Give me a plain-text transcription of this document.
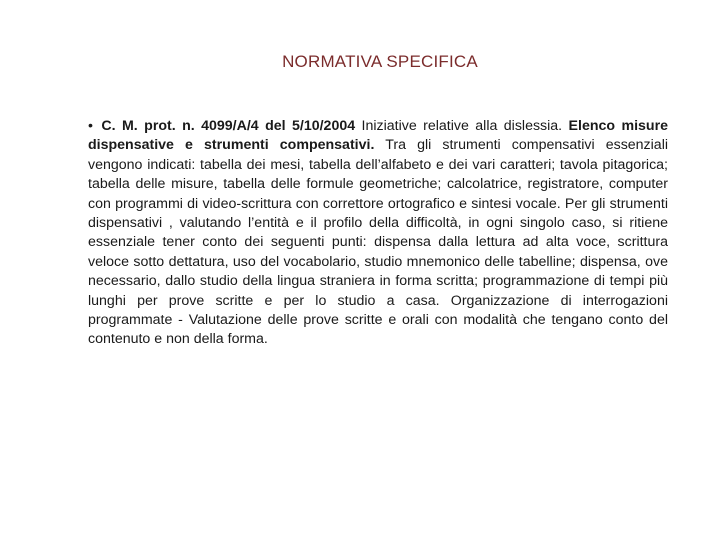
NORMATIVA SPECIFICA
• C. M. prot. n. 4099/A/4 del 5/10/2004 Iniziative relative alla dislessia. Elenco misure dispensative e strumenti compensativi. Tra gli strumenti compensativi essenziali vengono indicati: tabella dei mesi, tabella dell’alfabeto e dei vari caratteri; tavola pitagorica; tabella delle misure, tabella delle formule geometriche; calcolatrice, registratore, computer con programmi di video-scrittura con correttore ortografico e sintesi vocale. Per gli strumenti dispensativi , valutando l’entità e il profilo della difficoltà, in ogni singolo caso, si ritiene essenziale tener conto dei seguenti punti: dispensa dalla lettura ad alta voce, scrittura veloce sotto dettatura, uso del vocabolario, studio mnemonico delle tabelline; dispensa, ove necessario, dallo studio della lingua straniera in forma scritta; programmazione di tempi più lunghi per prove scritte e per lo studio a casa. Organizzazione di interrogazioni programmate - Valutazione delle prove scritte e orali con modalità che tengano conto del contenuto e non della forma.
